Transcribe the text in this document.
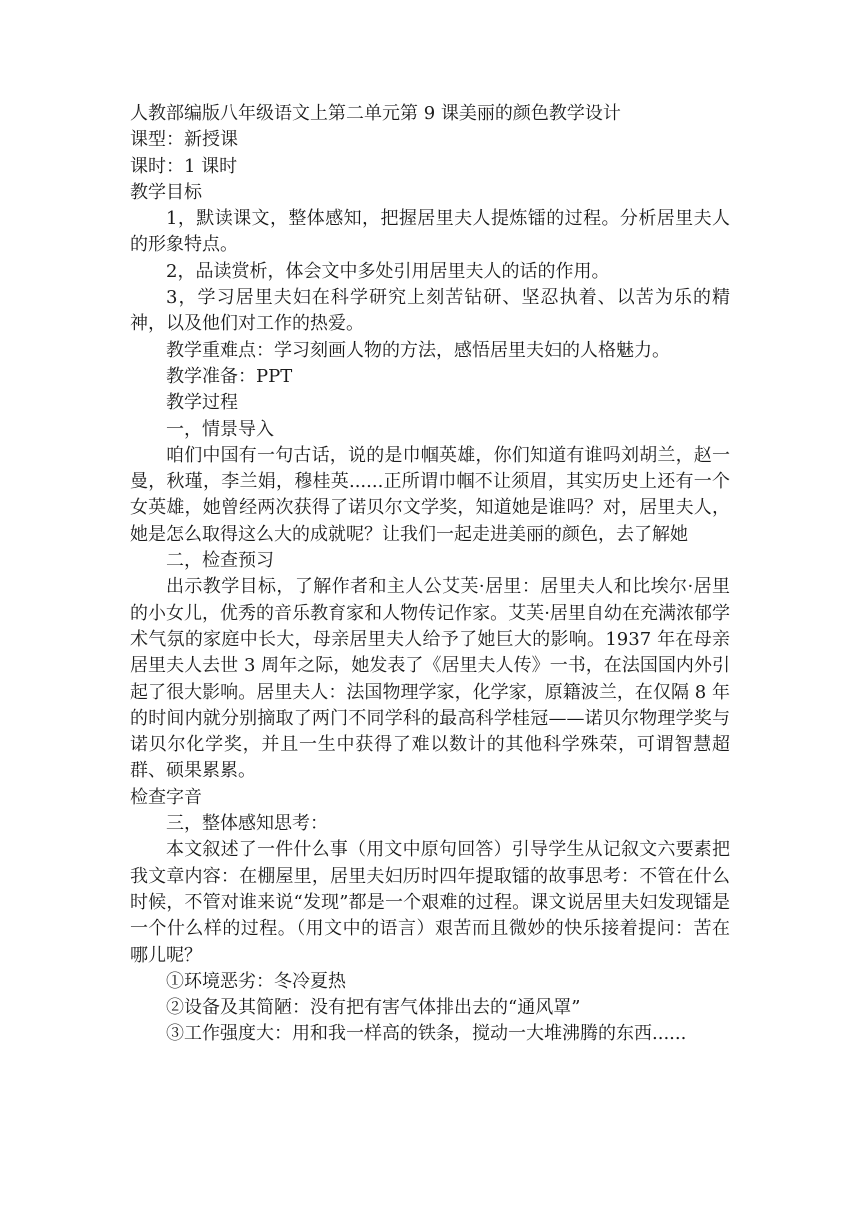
人教部编版八年级语文上第二单元第 9 课美丽的颜色教学设计

课型：新授课

课时：1 课时

教学目标

1，默读课文，整体感知，把握居里夫人提炼镭的过程。分析居里夫人的形象特点。

2，品读赏析，体会文中多处引用居里夫人的话的作用。

3，学习居里夫妇在科学研究上刻苦钻研、坚忍执着、以苦为乐的精神，以及他们对工作的热爱。

教学重难点：学习刻画人物的方法，感悟居里夫妇的人格魅力。

教学准备：PPT

教学过程

一，情景导入

咱们中国有一句古话，说的是巾帼英雄，你们知道有谁吗刘胡兰，赵一曼，秋瑾，李兰娟，穆桂英......正所谓巾帼不让须眉，其实历史上还有一个女英雄，她曾经两次获得了诺贝尔文学奖，知道她是谁吗？对，居里夫人，她是怎么取得这么大的成就呢？让我们一起走进美丽的颜色，去了解她

二，检查预习

出示教学目标，了解作者和主人公艾芙·居里：居里夫人和比埃尔·居里的小女儿，优秀的音乐教育家和人物传记作家。艾芙·居里自幼在充满浓郁学术气氛的家庭中长大，母亲居里夫人给予了她巨大的影响。1937 年在母亲居里夫人去世 3 周年之际，她发表了《居里夫人传》一书，在法国国内外引起了很大影响。居里夫人：法国物理学家，化学家，原籍波兰，在仅隔 8 年的时间内就分别摘取了两门不同学科的最高科学桂冠——诺贝尔物理学奖与诺贝尔化学奖，并且一生中获得了难以数计的其他科学殊荣，可谓智慧超群、硕果累累。

检查字音

三，整体感知思考：

本文叙述了一件什么事（用文中原句回答）引导学生从记叙文六要素把我文章内容：在棚屋里，居里夫妇历时四年提取镭的故事思考：不管在什么时候，不管对谁来说“发现”都是一个艰难的过程。课文说居里夫妇发现镭是一个什么样的过程。（用文中的语言）艰苦而且微妙的快乐接着提问：苦在哪儿呢？

①环境恶劣：冬冷夏热

②设备及其简陋：没有把有害气体排出去的“通风罩”

③工作强度大：用和我一样高的铁条，搅动一大堆沸腾的东西......
